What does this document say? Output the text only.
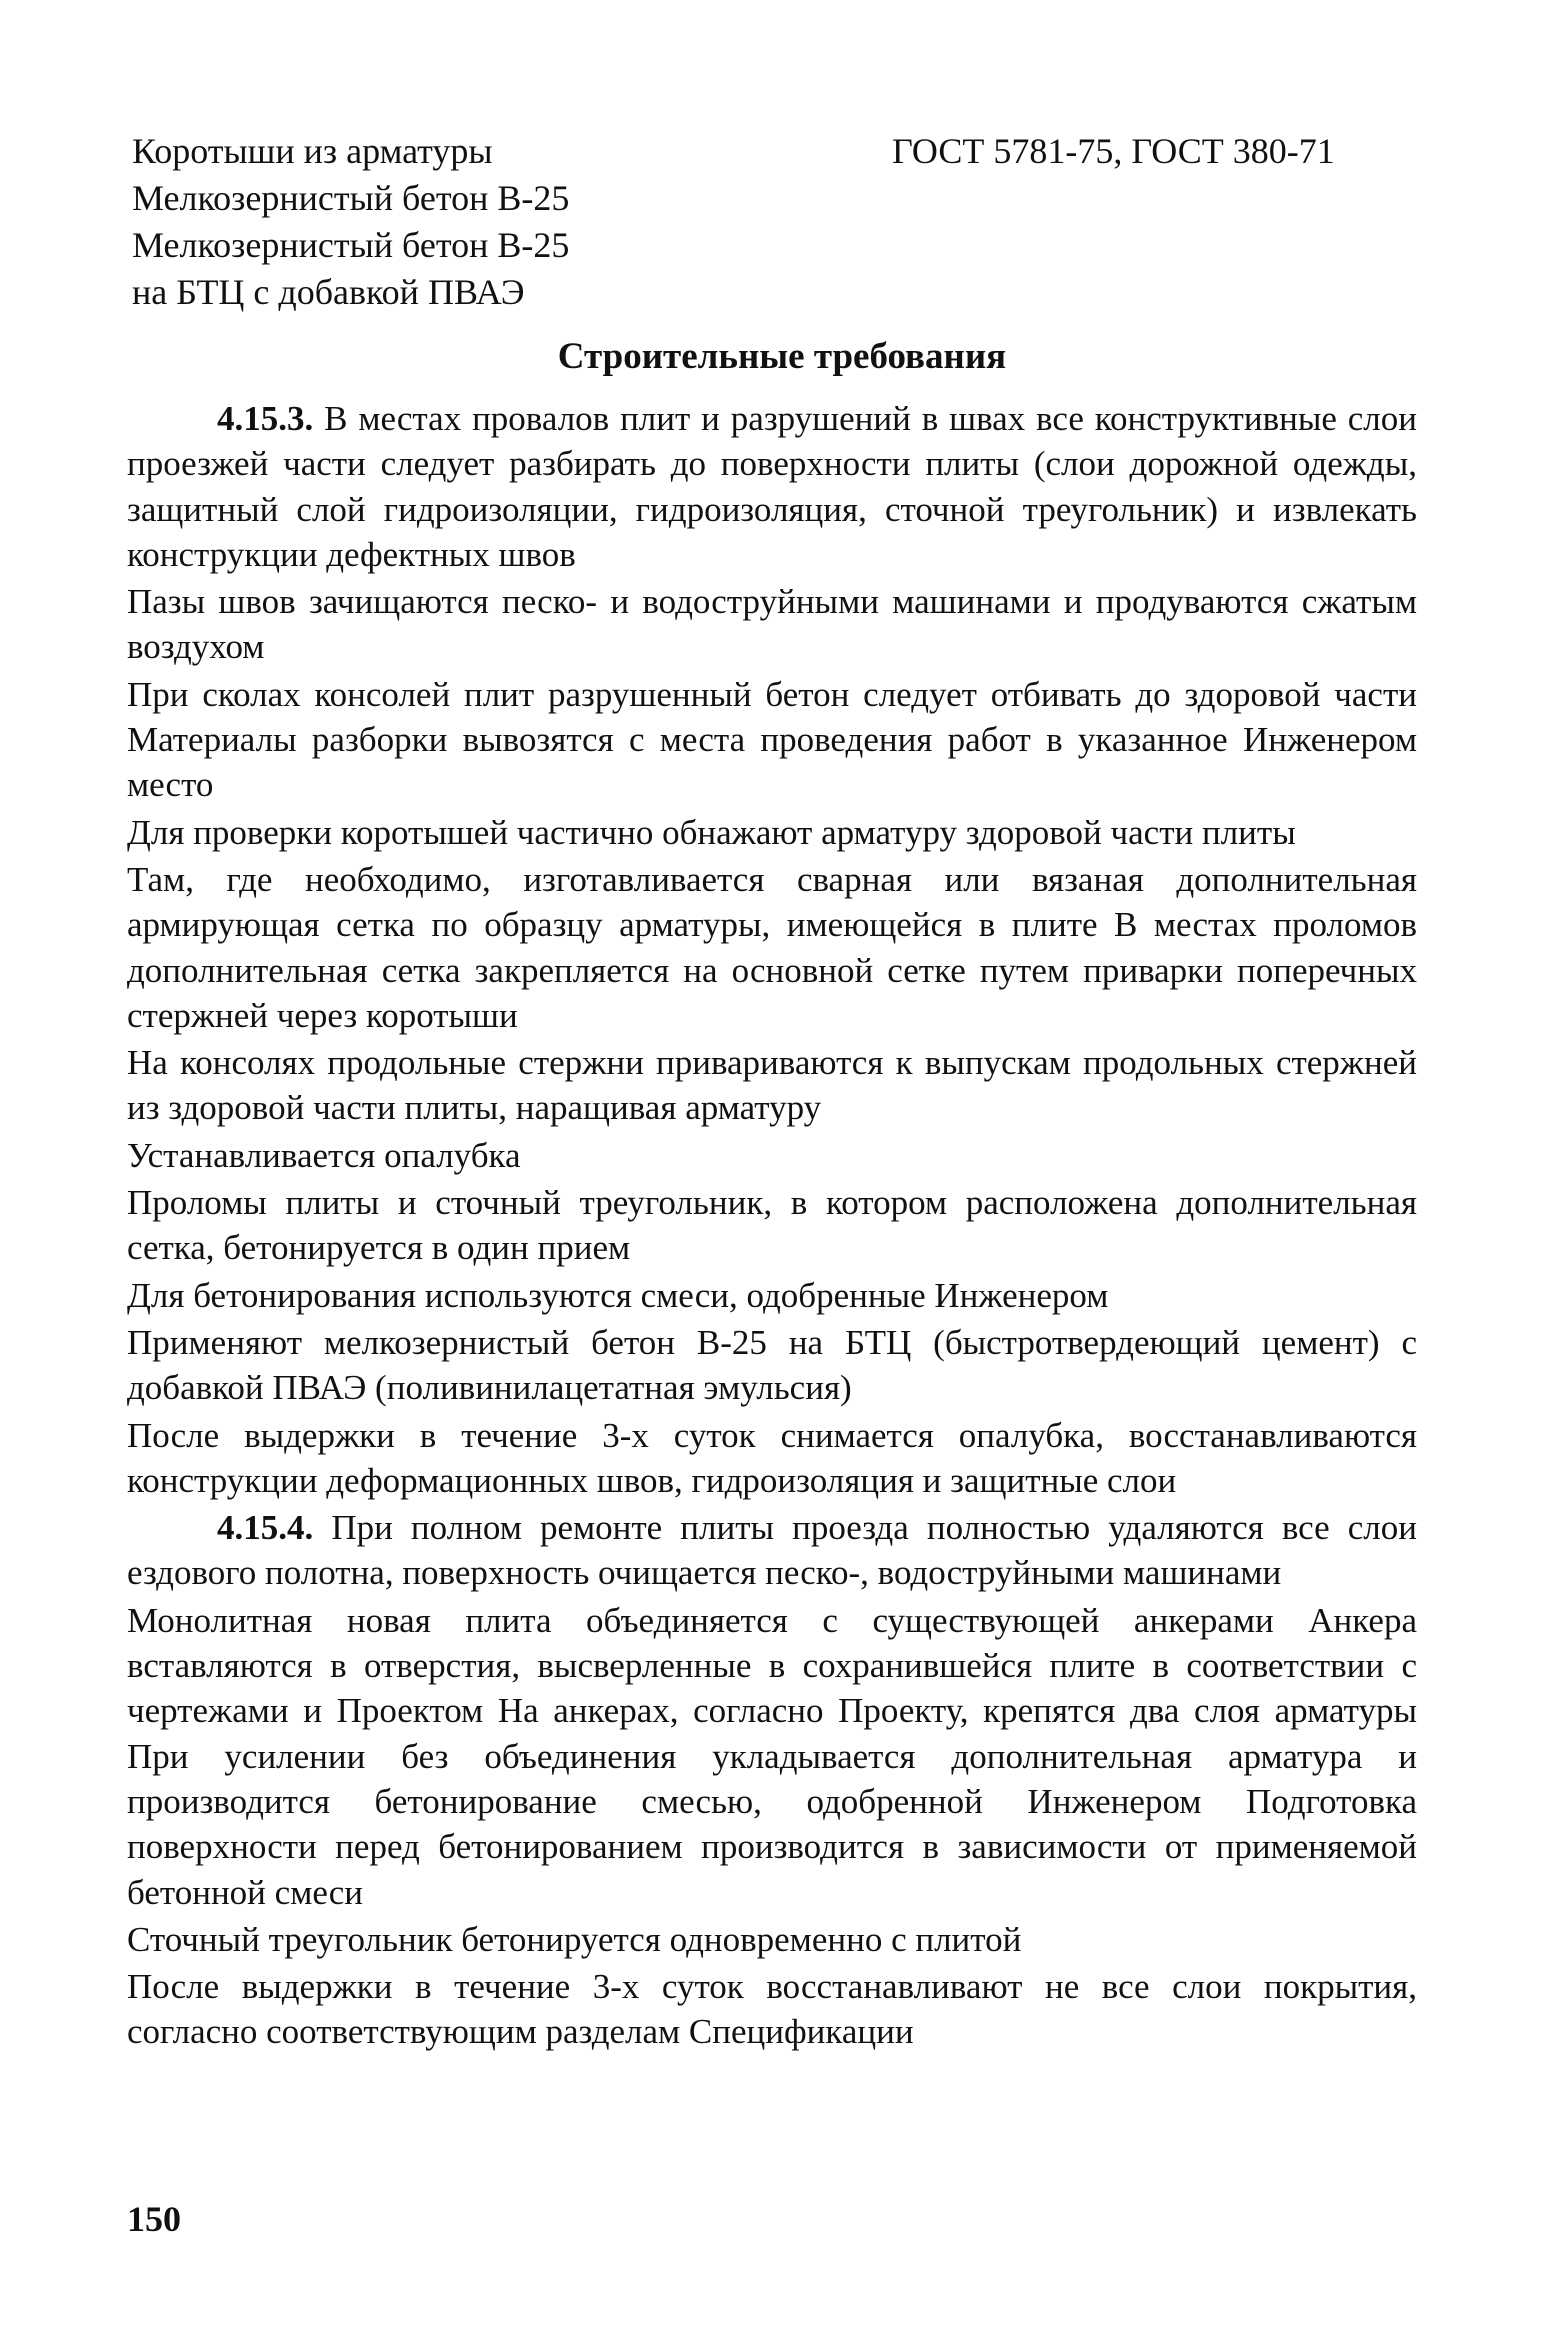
Коротыши из арматуры	ГОСТ 5781-75, ГОСТ 380-71
Мелкозернистый бетон В-25
Мелкозернистый бетон В-25
на БТЦ с добавкой ПВАЭ
Строительные требования

4.15.3. В местах провалов плит и разрушений в швах все конструктивные слои проезжей части следует разбирать до поверхности плиты (слои дорожной одежды, защитный слой гидроизоляции, гидроизоляция, сточной треугольник) и извлекать конструкции дефектных швов

Пазы швов зачищаются песко- и водоструйными машинами и продуваются сжатым воздухом

При сколах консолей плит разрушенный бетон следует отбивать до здоровой части Материалы разборки вывозятся с места проведения работ в указанное Инженером место

Для проверки коротышей частично обнажают арматуру здоровой части плиты

Там, где необходимо, изготавливается сварная или вязаная дополнительная армирующая сетка по образцу арматуры, имеющейся в плите В местах проломов дополнительная сетка закрепляется на основной сетке путем приварки поперечных стержней через коротыши

На консолях продольные стержни привариваются к выпускам продольных стержней из здоровой части плиты, наращивая арматуру

Устанавливается опалубка

Проломы плиты и сточный треугольник, в котором расположена дополнительная сетка, бетонируется в один прием

Для бетонирования используются смеси, одобренные Инженером

Применяют мелкозернистый бетон В-25 на БТЦ (быстротвердеющий цемент) с добавкой ПВАЭ (поливинилацетатная эмульсия)

После выдержки в течение 3-х суток снимается опалубка, восстанавливаются конструкции деформационных швов, гидроизоляция и защитные слои

4.15.4. При полном ремонте плиты проезда полностью удаляются все слои ездового полотна, поверхность очищается песко-, водоструйными машинами

Монолитная новая плита объединяется с существующей анкерами Анкера вставляются в отверстия, высверленные в сохранившейся плите в соответствии с чертежами и Проектом На анкерах, согласно Проекту, крепятся два слоя арматуры При усилении без объединения укладывается дополнительная арматура и производится бетонирование смесью, одобренной Инженером Подготовка поверхности перед бетонированием производится в зависимости от применяемой бетонной смеси

Сточный треугольник бетонируется одновременно с плитой

После выдержки в течение 3-х суток восстанавливают не все слои покрытия, согласно соответствующим разделам Спецификации

150
